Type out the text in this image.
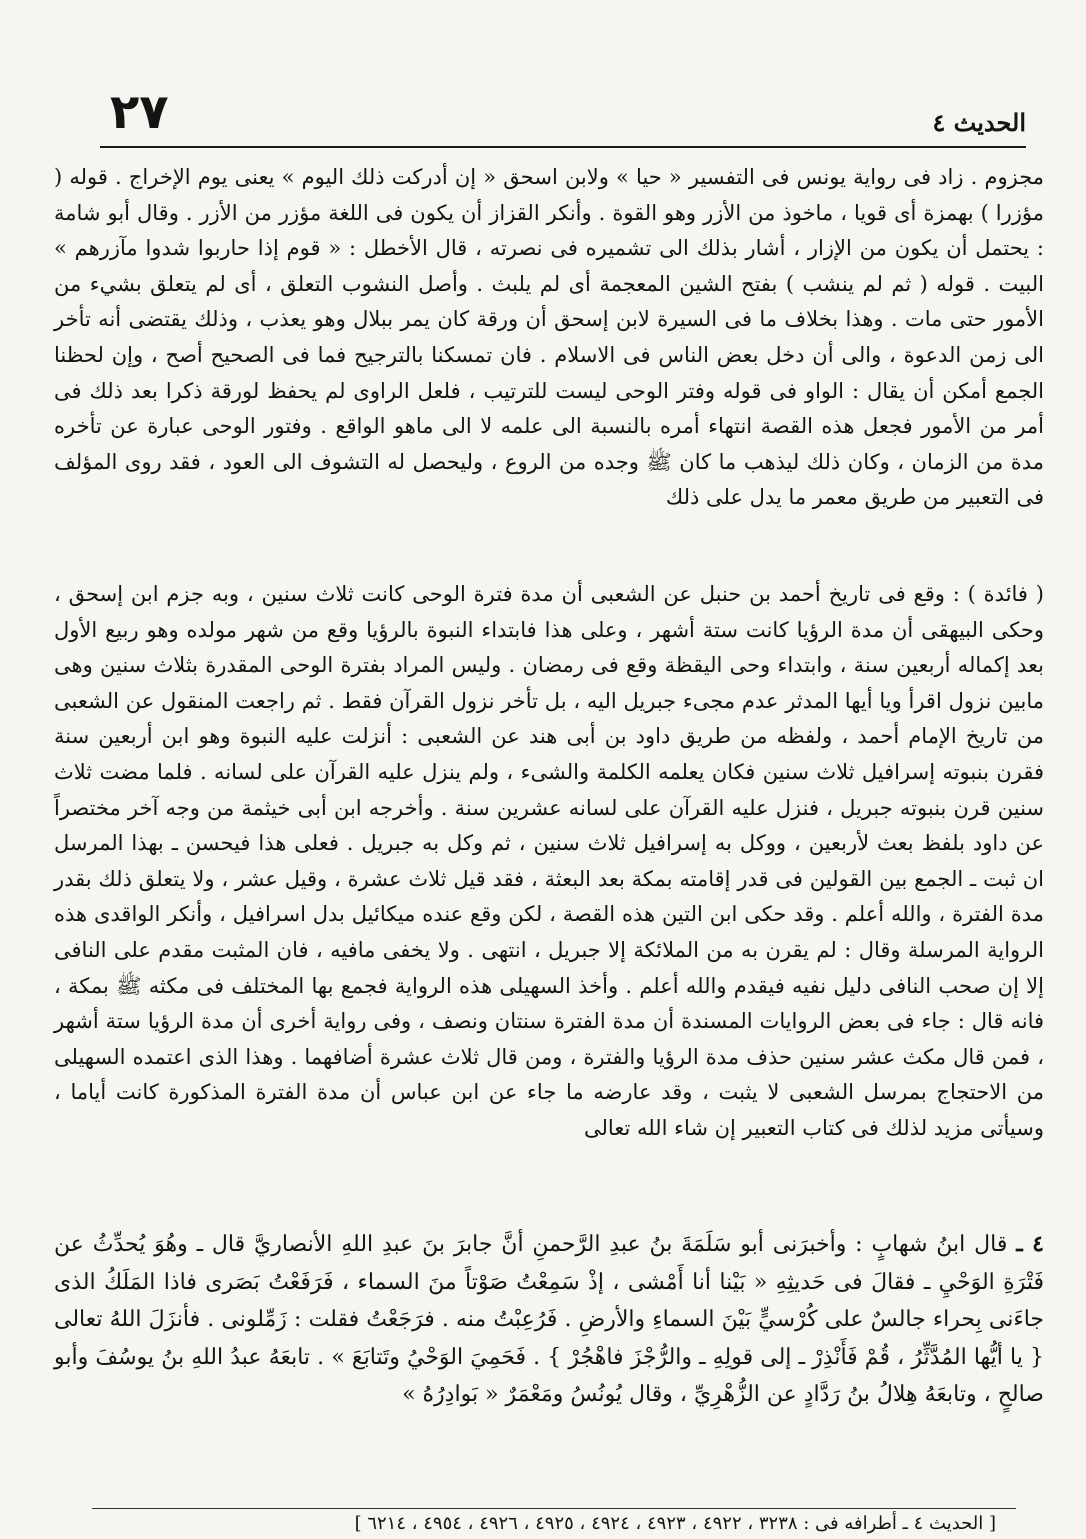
٢٧	الحديث ٤

مجزوم . زاد فى رواية يونس فى التفسير « حيا » ولابن اسحق « إن أدركت ذلك اليوم » يعنى يوم الإخراج . قوله ( مؤزرا ) بهمزة أى قويا ، ماخوذ من الأزر وهو القوة . وأنكر القزاز أن يكون فى اللغة مؤزر من الأزر . وقال أبو شامة : يحتمل أن يكون من الإزار ، أشار بذلك الى تشميره فى نصرته ، قال الأخطل : « قوم إذا حاربوا شدوا مآزرهم » البيت . قوله ( ثم لم ينشب ) بفتح الشين المعجمة أى لم يلبث . وأصل النشوب التعلق ، أى لم يتعلق بشيء من الأمور حتى مات . وهذا بخلاف ما فى السيرة لابن إسحق أن ورقة كان يمر ببلال وهو يعذب ، وذلك يقتضى أنه تأخر الى زمن الدعوة ، والى أن دخل بعض الناس فى الاسلام . فان تمسكنا بالترجيح فما فى الصحيح أصح ، وإن لحظنا الجمع أمكن أن يقال : الواو فى قوله وفتر الوحى ليست للترتيب ، فلعل الراوى لم يحفظ لورقة ذكرا بعد ذلك فى أمر من الأمور فجعل هذه القصة انتهاء أمره بالنسبة الى علمه لا الى ماهو الواقع . وفتور الوحى عبارة عن تأخره مدة من الزمان ، وكان ذلك ليذهب ما كان ﷺ وجده من الروع ، وليحصل له التشوف الى العود ، فقد روى المؤلف فى التعبير من طريق معمر ما يدل على ذلك

( فائدة ) : وقع فى تاريخ أحمد بن حنبل عن الشعبى أن مدة فترة الوحى كانت ثلاث سنين ، وبه جزم ابن إسحق ، وحكى البيهقى أن مدة الرؤيا كانت ستة أشهر ، وعلى هذا فابتداء النبوة بالرؤيا وقع من شهر مولده وهو ربيع الأول بعد إكماله أربعين سنة ، وابتداء وحى اليقظة وقع فى رمضان . وليس المراد بفترة الوحى المقدرة بثلاث سنين وهى مابين نزول اقرأ ويا أيها المدثر عدم مجىء جبريل اليه ، بل تأخر نزول القرآن فقط . ثم راجعت المنقول عن الشعبى من تاريخ الإمام أحمد ، ولفظه من طريق داود بن أبى هند عن الشعبى : أنزلت عليه النبوة وهو ابن أربعين سنة فقرن بنبوته إسرافيل ثلاث سنين فكان يعلمه الكلمة والشىء ، ولم ينزل عليه القرآن على لسانه . فلما مضت ثلاث سنين قرن بنبوته جبريل ، فنزل عليه القرآن على لسانه عشرين سنة . وأخرجه ابن أبى خيثمة من وجه آخر مختصراً عن داود بلفظ بعث لأربعين ، ووكل به إسرافيل ثلاث سنين ، ثم وكل به جبريل . فعلى هذا فيحسن ـ بهذا المرسل ان ثبت ـ الجمع بين القولين فى قدر إقامته بمكة بعد البعثة ، فقد قيل ثلاث عشرة ، وقيل عشر ، ولا يتعلق ذلك بقدر مدة الفترة ، والله أعلم . وقد حكى ابن التين هذه القصة ، لكن وقع عنده ميكائيل بدل اسرافيل ، وأنكر الواقدى هذه الرواية المرسلة وقال : لم يقرن به من الملائكة إلا جبريل ، انتهى . ولا يخفى مافيه ، فان المثبت مقدم على النافى إلا إن صحب النافى دليل نفيه فيقدم والله أعلم . وأخذ السهيلى هذه الرواية فجمع بها المختلف فى مكثه ﷺ بمكة ، فانه قال : جاء فى بعض الروايات المسندة أن مدة الفترة سنتان ونصف ، وفى رواية أخرى أن مدة الرؤيا ستة أشهر ، فمن قال مكث عشر سنين حذف مدة الرؤيا والفترة ، ومن قال ثلاث عشرة أضافهما . وهذا الذى اعتمده السهيلى من الاحتجاج بمرسل الشعبى لا يثبت ، وقد عارضه ما جاء عن ابن عباس أن مدة الفترة المذكورة كانت أياما ، وسيأتى مزيد لذلك فى كتاب التعبير إن شاء الله تعالى

٤ ـ قال ابنُ شهابٍ : وأخبرَنى أبو سَلَمَةَ بنُ عبدِ الرَّحمنِ أنَّ جابرَ بنَ عبدِ اللهِ الأنصاريَّ قال ـ وهُوَ يُحدِّثُ عن فَتْرَةِ الوَحْيِ ـ فقالَ فى حَديثِهِ « بَيْنا أنا أَمْشى ، إذْ سَمِعْتُ صَوْتاً منَ السماء ، فَرَفَعْتُ بَصَرى فاذا المَلَكُ الذى جاءَنى بِحراء جالسٌ على كُرْسيٍّ بَيْنَ السماءِ والأرضِ . فَرُعِبْتُ منه . فرَجَعْتُ فقلت : زَمِّلونى . فأنزَلَ اللهُ تعالى { يا أيُّها المُدَّثِّرُ ، قُمْ فَأَنْذِرْ ـ إلى قولِهِ ـ والرُّجْزَ فاهْجُرْ } . فَحَمِيَ الوَحْيُ وتَتابَعَ » . تابعَهُ عبدُ اللهِ بنُ يوسُفَ وأبو صالحٍ ، وتابعَهُ هِلالُ بنُ رَدَّادٍ عن الزُّهْرِيِّ ، وقال يُونُسُ ومَعْمَرٌ « بَوادِرُهُ »

[ الحديث ٤ ـ أطرافه فى : ٣٢٣٨ ، ٤٩٢٢ ، ٤٩٢٣ ، ٤٩٢٤ ، ٤٩٢٥ ، ٤٩٢٦ ، ٤٩٥٤ ، ٦٢١٤ ]
